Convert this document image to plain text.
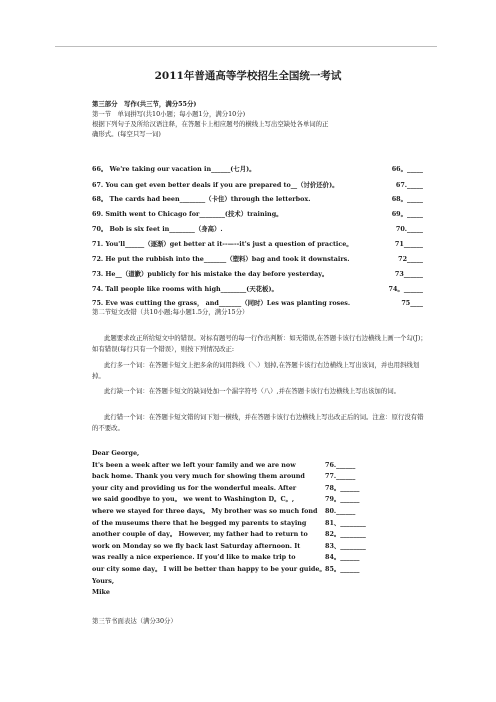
2011年普通高等学校招生全国统一考试
第三部分　写作(共三节，满分55分)
第一节　单词拼写(共10小题；每小题1分，满分10分)
根据下列句子及所给汉语注释，在答题卡上相应题号的横线上写出空缺处各单词的正
确形式。(每空只写一词)
66。 We're taking our vacation in______(七月)。	66。_____
67. You can get even better deals if you are prepared to__（讨价还价)。	67._____
68。 The cards had been________（卡住）through the letterbox.	68。_____
69. Smith went to Chicago for________(技术）training。	69。_____
70。 Bob is six feet in________（身高）.	70._____
71. You'll______（逐渐）get better at it--—--it's just a question of practice。	71______
72. He put the rubbish into the_______（塑料）bag and took it downstairs.	72_____
73. He__（道歉）publicly for his mistake the day before yesterday。	73______
74. Tall people like rooms with high________(天花板)。	74。______
75. Eve was cutting the grass， and_______（同时）Les was planting roses.	75____
第二节短文改错（共10小题;每小题1.5分，满分15分）
此题要求改正所给短文中的错误。对标有题号的每一行作出判断：如无错误,在答题卡该行右边横线上画一个勾(J)；如有错误(每行只有一个错误），则按下列情况改正:
此行多一个词：在答题卡短文上把多余的词用斜线（＼）划掉,在答题卡该行右边横线上写出该词，并也用斜线划掉。
此行缺一个词：在答题卡短文的缺词处加一个漏字符号（八）,并在答题卡该行右边横线上写出该加的词。
此行错一个词：在答题卡短文错的词下划一横线，并在答题卡该行右边横线上写出改正后的词。注意：原行没有错的不要改。
Dear George,
It's been a week after we left your family and we are now	76.______
back home. Thank you very much for showing them around	77.______
your city and providing us for the wonderful meals. After	78。______
we said goodbye to you。 we went to Washington D。C。,	79。______
where we stayed for three days。 My brother was so much fond 80.______
of the museums there that he begged my parents to staying	81、________
another couple of day。 However, my father had to return to	82。________
work on Monday so we fly back last Saturday afternoon. It	83、________
was really a nice experience. If you’d like to make trip to	84。______
our city some day。 I will be better than happy to be your guide。 85。______
Yours,
Mike
第三节书面表达（满分30分）
